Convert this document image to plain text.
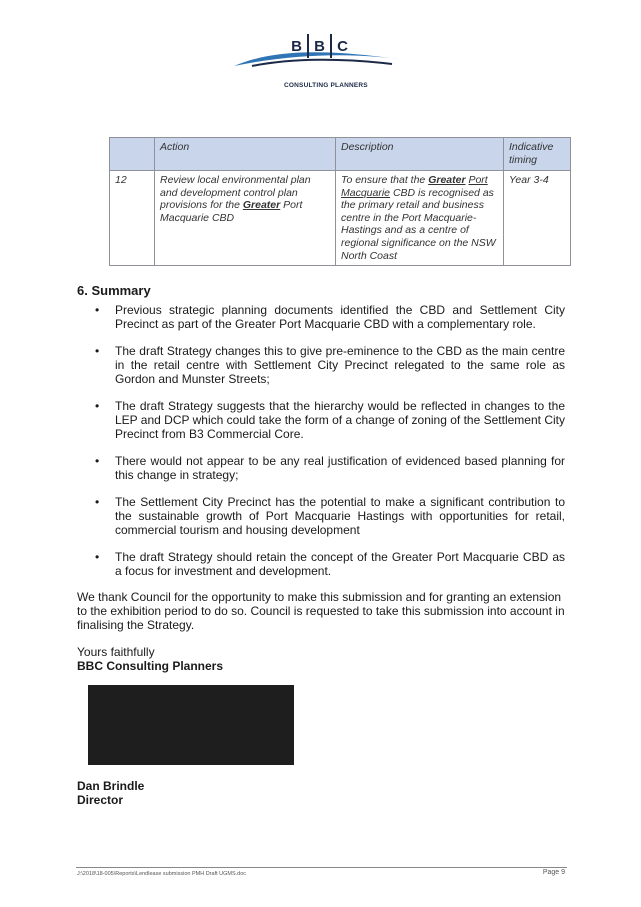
B B C
CONSULTING PLANNERS
	Action	Description	Indicative timing
12	Review local environmental plan and development control plan provisions for the Greater Port Macquarie CBD	To ensure that the Greater Port Macquarie CBD is recognised as the primary retail and business centre in the Port Macquarie-Hastings and as a centre of regional significance on the NSW North Coast	Year 3-4
6. Summary
• Previous strategic planning documents identified the CBD and Settlement City Precinct as part of the Greater Port Macquarie CBD with a complementary role.
• The draft Strategy changes this to give pre-eminence to the CBD as the main centre in the retail centre with Settlement City Precinct relegated to the same role as Gordon and Munster Streets;
• The draft Strategy suggests that the hierarchy would be reflected in changes to the LEP and DCP which could take the form of a change of zoning of the Settlement City Precinct from B3 Commercial Core.
• There would not appear to be any real justification of evidenced based planning for this change in strategy;
• The Settlement City Precinct has the potential to make a significant contribution to the sustainable growth of Port Macquarie Hastings with opportunities for retail, commercial tourism and housing development
• The draft Strategy should retain the concept of the Greater Port Macquarie CBD as a focus for investment and development.

We thank Council for the opportunity to make this submission and for granting an extension to the exhibition period to do so. Council is requested to take this submission into account in finalising the Strategy.

Yours faithfully
BBC Consulting Planners

Dan Brindle
Director

J:\2018\18-005\Reports\Lendlease submission PMH Draft UGMS.doc	Page 9
